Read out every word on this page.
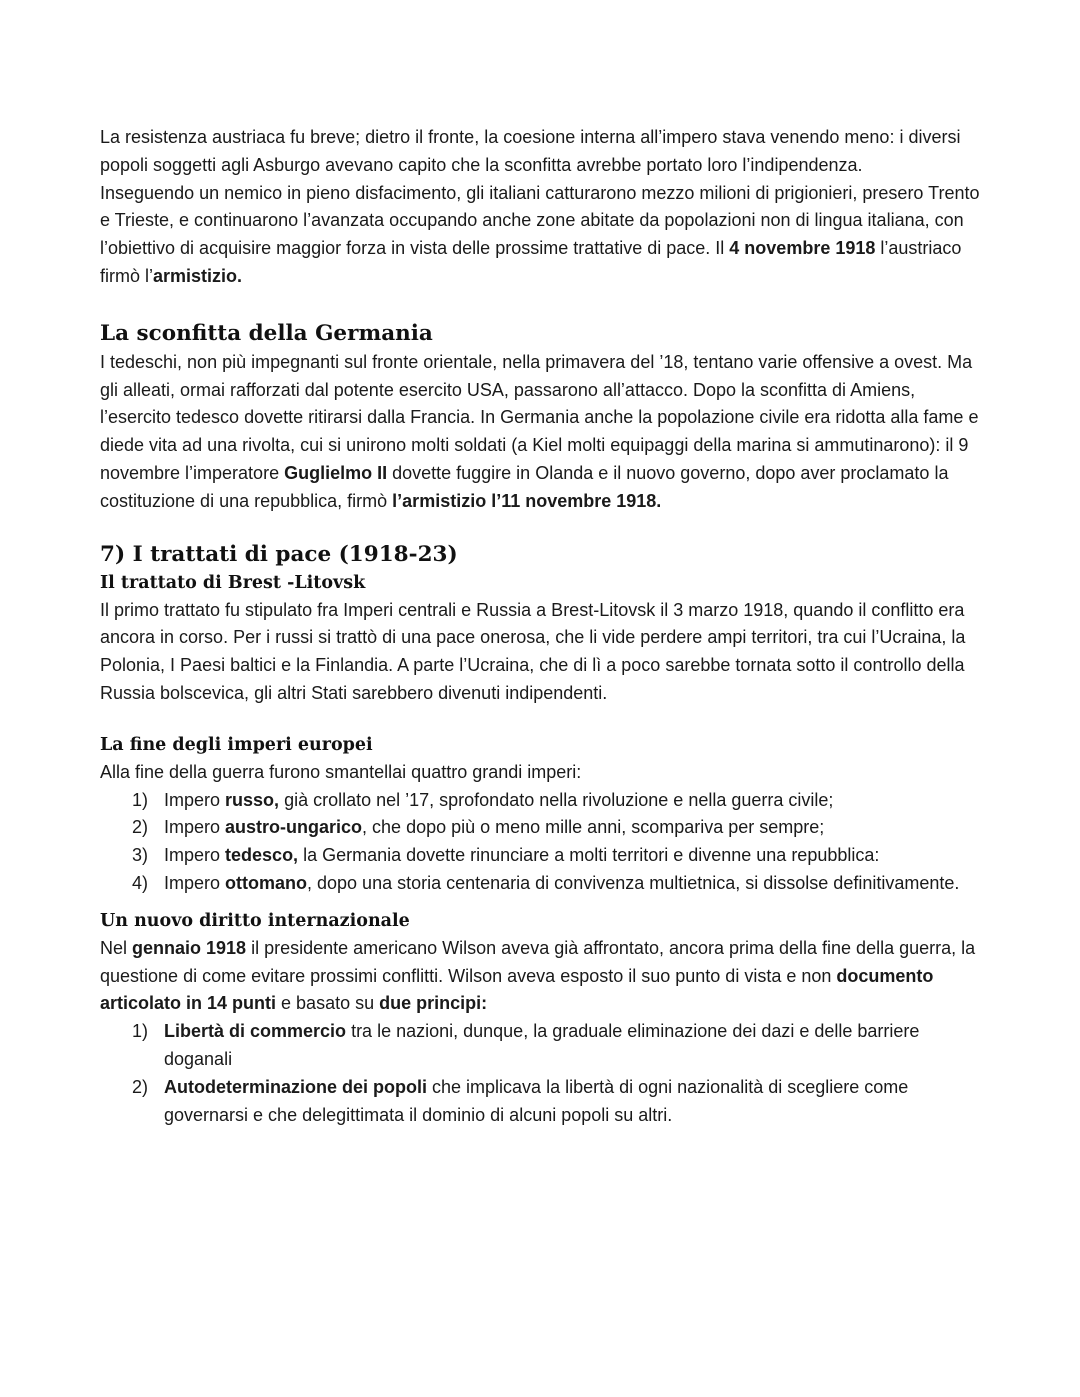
La resistenza austriaca fu breve; dietro il fronte, la coesione interna all’impero stava venendo meno: i diversi popoli soggetti agli Asburgo avevano capito che la sconfitta avrebbe portato loro l’indipendenza.

Inseguendo un nemico in pieno disfacimento, gli italiani catturarono mezzo milioni di prigionieri, presero Trento e Trieste, e continuarono l’avanzata occupando anche zone abitate da popolazioni non di lingua italiana, con l’obiettivo di acquisire maggior forza in vista delle prossime trattative di pace. Il 4 novembre 1918 l’austriaco firmò l’armistizio.

La sconfitta della Germania

I tedeschi, non più impegnanti sul fronte orientale, nella primavera del ’18, tentano varie offensive a ovest. Ma gli alleati, ormai rafforzati dal potente esercito USA, passarono all’attacco. Dopo la sconfitta di Amiens, l’esercito tedesco dovette ritirarsi dalla Francia. In Germania anche la popolazione civile era ridotta alla fame e diede vita ad una rivolta, cui si unirono molti soldati (a Kiel molti equipaggi della marina si ammutinarono): il 9 novembre l’imperatore Guglielmo II dovette fuggire in Olanda e il nuovo governo, dopo aver proclamato la costituzione di una repubblica, firmò l’armistizio l’11 novembre 1918.

7) I trattati di pace (1918-23)
Il trattato di Brest -Litovsk

Il primo trattato fu stipulato fra Imperi centrali e Russia a Brest-Litovsk il 3 marzo 1918, quando il conflitto era ancora in corso. Per i russi si trattò di una pace onerosa, che li vide perdere ampi territori, tra cui l’Ucraina, la Polonia, I Paesi baltici e la Finlandia. A parte l’Ucraina, che di lì a poco sarebbe tornata sotto il controllo della Russia bolscevica, gli altri Stati sarebbero divenuti indipendenti.

La fine degli imperi europei

Alla fine della guerra furono smantellai quattro grandi imperi:

1) Impero russo, già crollato nel ’17, sprofondato nella rivoluzione e nella guerra civile;
2) Impero austro-ungarico, che dopo più o meno mille anni, scompariva per sempre;
3) Impero tedesco, la Germania dovette rinunciare a molti territori e divenne una repubblica:
4) Impero ottomano, dopo una storia centenaria di convivenza multietnica, si dissolse definitivamente.
Un nuovo diritto internazionale

Nel gennaio 1918 il presidente americano Wilson aveva già affrontato, ancora prima della fine della guerra, la questione di come evitare prossimi conflitti. Wilson aveva esposto il suo punto di vista e non documento articolato in 14 punti e basato su due principi:

1) Libertà di commercio tra le nazioni, dunque, la graduale eliminazione dei dazi e delle barriere doganali
2) Autodeterminazione dei popoli che implicava la libertà di ogni nazionalità di scegliere come governarsi e che delegittimata il dominio di alcuni popoli su altri.
